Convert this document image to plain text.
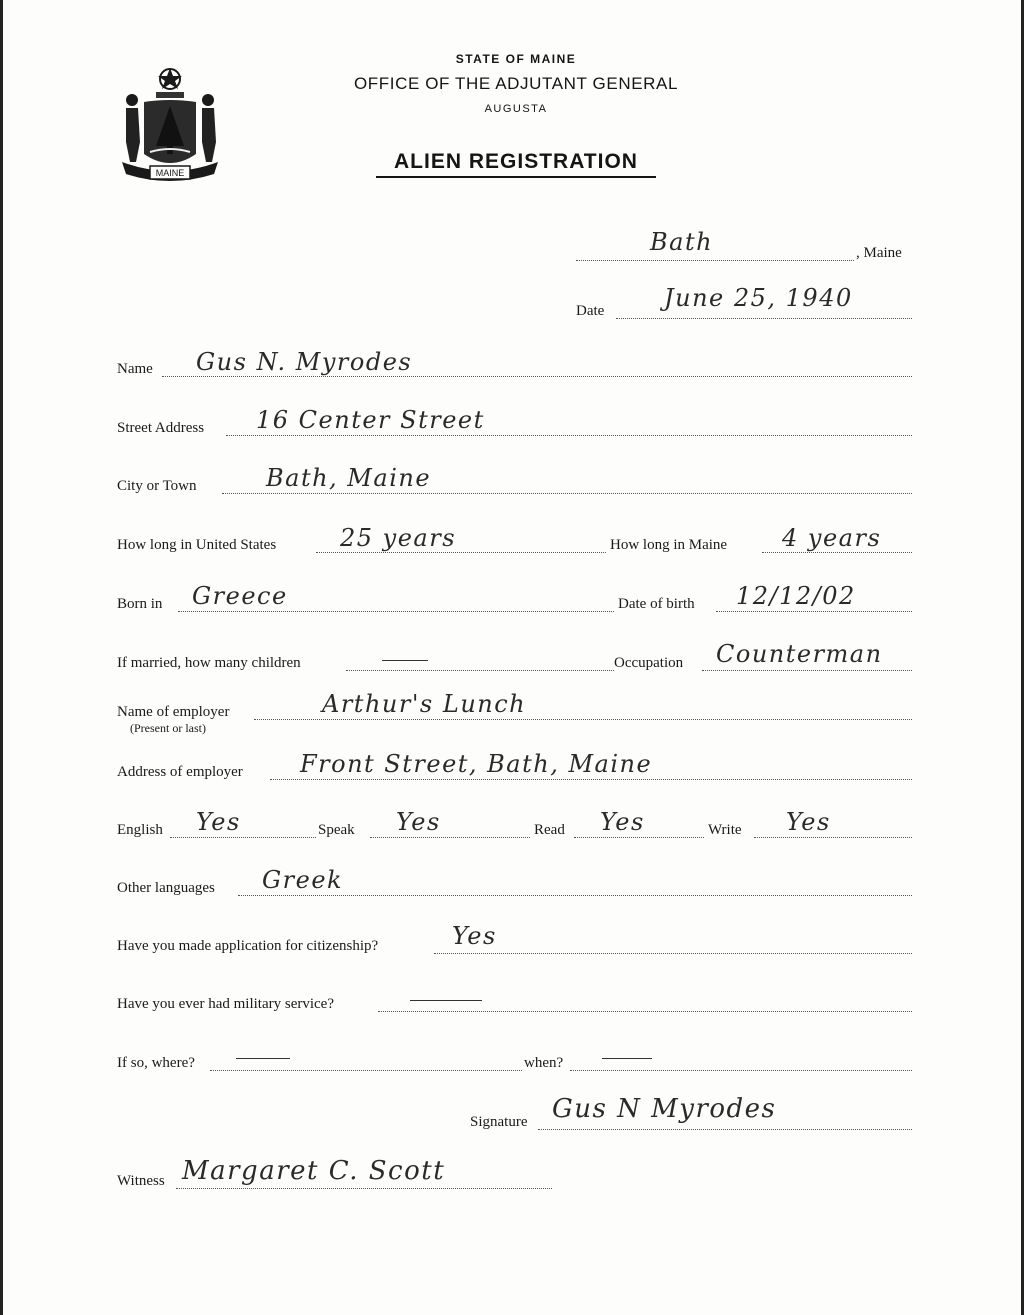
MAINE
STATE OF MAINE
OFFICE OF THE ADJUTANT GENERAL
AUGUSTA
ALIEN REGISTRATION
Bath	, Maine
Date June 25, 1940
Name Gus N. Myrodes
Street Address 16 Center Street
City or Town	Bath, Maine
How long in United States	25 years	How long in Maine 4 years
Born in Greece	Date of birth 12/12/02
If married, how many children	Occupation Counterman
Name of employer
(Present or last)
Arthur's Lunch
Address of employer Front Street, Bath, Maine
English Yes	Speak Yes	Read Yes	Write Yes
Other languages Greek
Have you made application for citizenship?	Yes
Have you ever had military service?
If so, where?	when?
Signature Gus N Myrodes
Witness Margaret C. Scott
